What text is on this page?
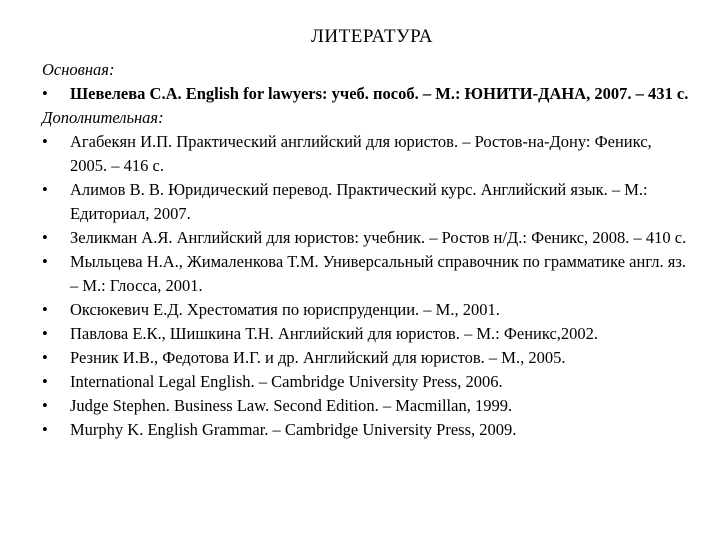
ЛИТЕРАТУРА
Основная:
•	Шевелева С.А. English for lawyers: учеб. пособ. – М.: ЮНИТИ-ДАНА, 2007. – 431 с.
Дополнительная:
•	Агабекян И.П. Практический английский для юристов. – Ростов-на-Дону: Феникс, 2005. – 416 с.
•	Алимов В. В. Юридический перевод. Практический курс. Английский язык. – М.: Едиториал, 2007.
•	Зеликман А.Я. Английский для юристов: учебник. – Ростов н/Д.: Феникс, 2008. – 410 с.
•	Мыльцева Н.А., Жималенкова Т.М. Универсальный справочник по грамматике англ. яз. – М.: Глосса, 2001.
•	Оксюкевич Е.Д. Хрестоматия по юриспруденции. – М., 2001.
•	Павлова Е.К., Шишкина Т.Н. Английский для юристов. – М.: Феникс,2002.
•	Резник И.В., Федотова И.Г. и др. Английский для юристов. – М., 2005.
•	International Legal English. – Cambridge University Press, 2006.
•	Judge Stephen. Business Law. Second Edition. – Macmillan, 1999.
•	Murphy K. English Grammar. – Cambridge University Press, 2009.
